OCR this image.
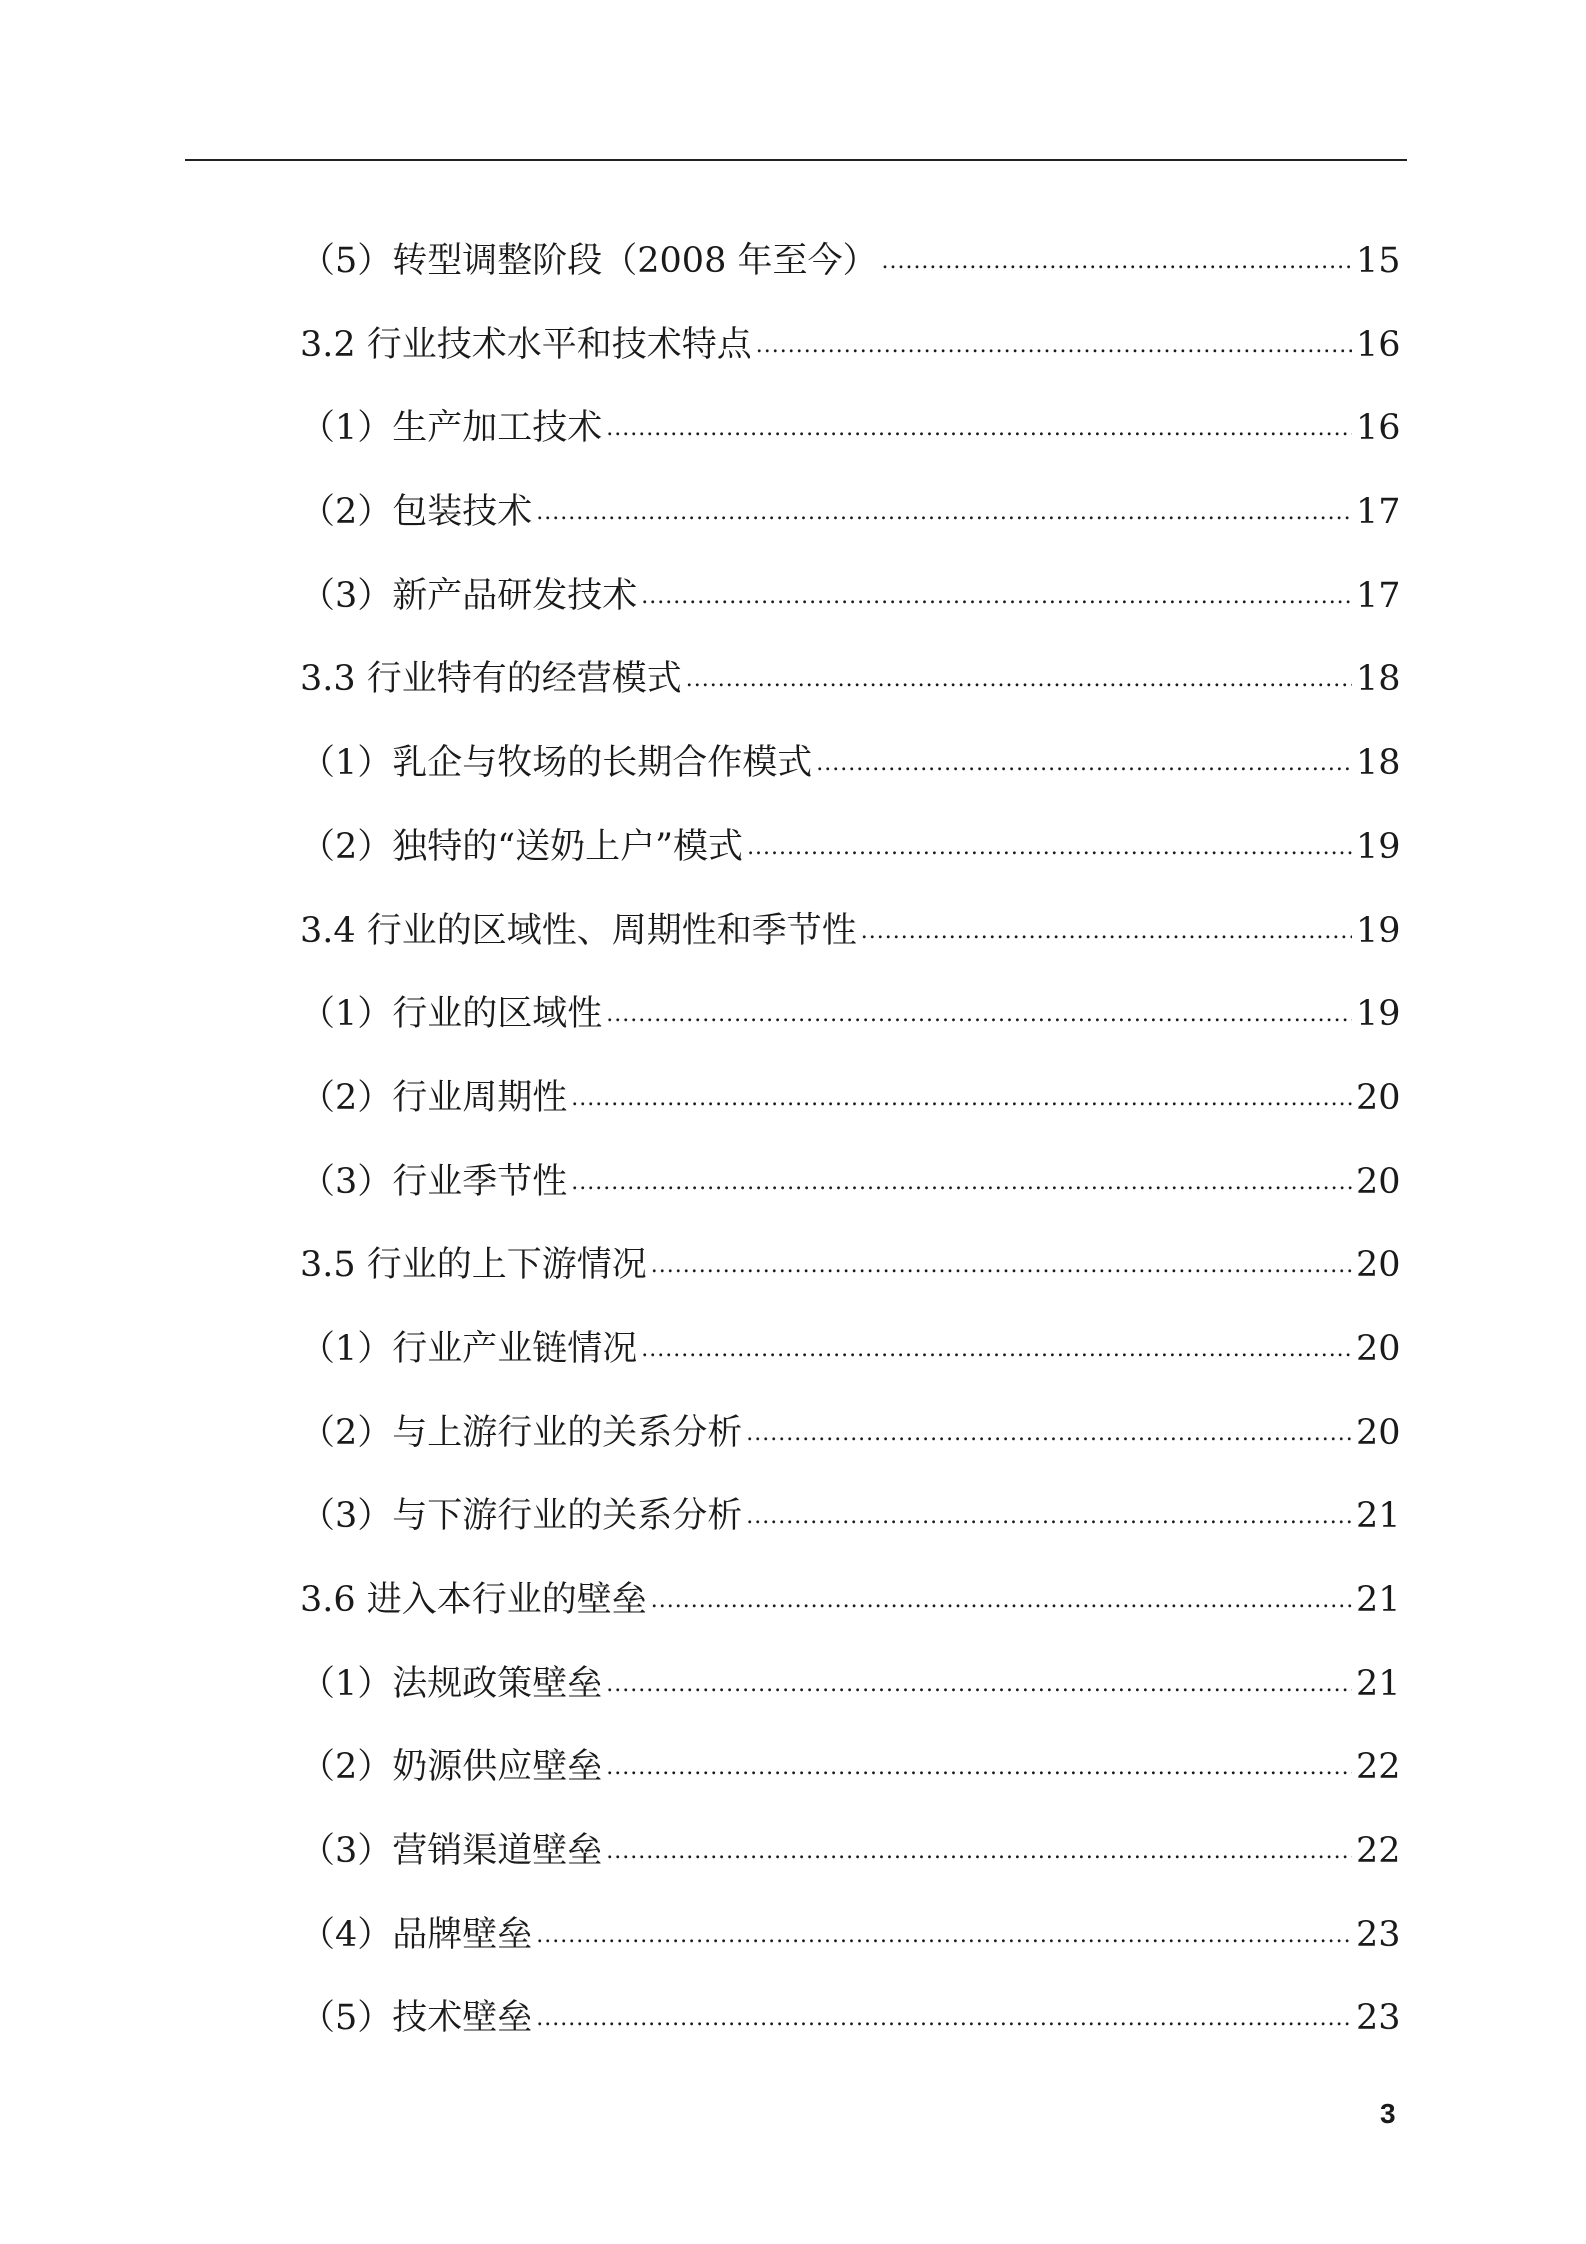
（5）转型调整阶段（2008 年至今） .....	15
3.2 行业技术水平和技术特点 .....	16
（1）生产加工技术 .....	16
（2）包装技术 .....	17
（3）新产品研发技术 .....	17
3.3 行业特有的经营模式 .....	18
（1）乳企与牧场的长期合作模式 .....	18
（2）独特的“送奶上户”模式 .....	19
3.4 行业的区域性、周期性和季节性 .....	19
（1）行业的区域性 .....	19
（2）行业周期性 .....	20
（3）行业季节性 .....	20
3.5 行业的上下游情况 .....	20
（1）行业产业链情况 .....	20
（2）与上游行业的关系分析 .....	20
（3）与下游行业的关系分析 .....	21
3.6 进入本行业的壁垒 .....	21
（1）法规政策壁垒 .....	21
（2）奶源供应壁垒 .....	22
（3）营销渠道壁垒 .....	22
（4）品牌壁垒 .....	23
（5）技术壁垒 .....	23
3
